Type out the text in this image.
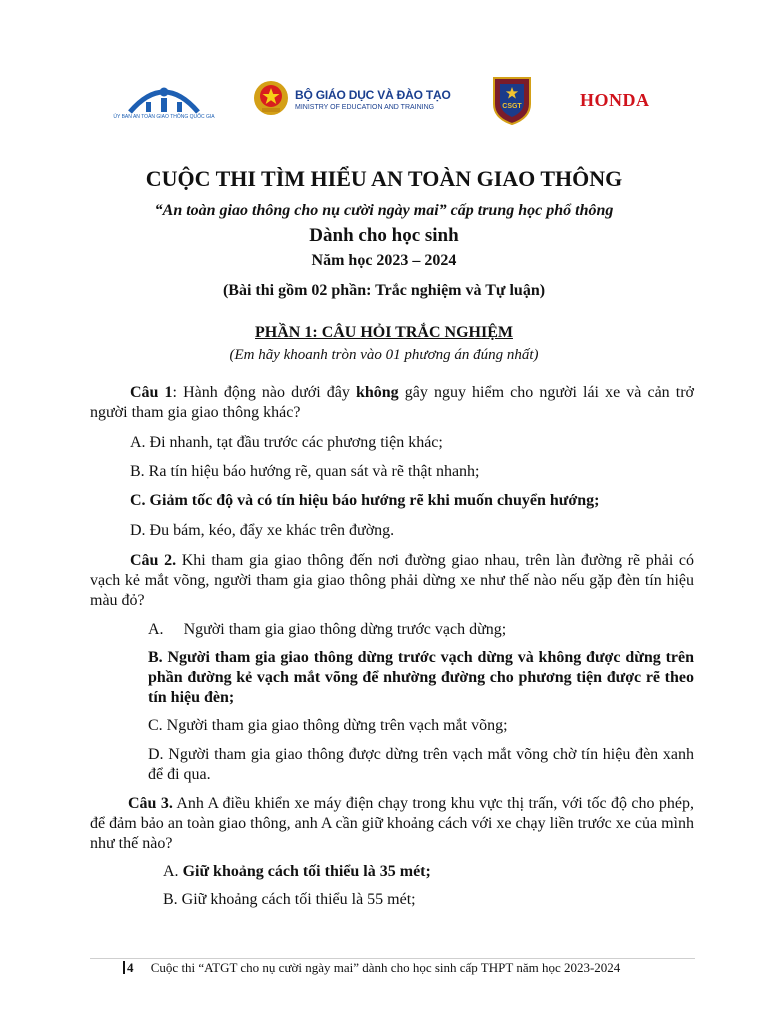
ỦY BAN AN TOÀN GIAO THÔNG QUỐC GIA
BỘ GIÁO DỤC VÀ ĐÀO TẠO
MINISTRY OF EDUCATION AND TRAINING	CSGT	HONDA
CUỘC THI TÌM HIỂU AN TOÀN GIAO THÔNG
“An toàn giao thông cho nụ cười ngày mai” cấp trung học phổ thông
Dành cho học sinh
Năm học 2023 – 2024
(Bài thi gồm 02 phần: Trắc nghiệm và Tự luận)
PHẦN 1: CÂU HỎI TRẮC NGHIỆM
(Em hãy khoanh tròn vào 01 phương án đúng nhất)
Câu 1: Hành động nào dưới đây không gây nguy hiểm cho người lái xe và cản trở người tham gia giao thông khác?
A. Đi nhanh, tạt đầu trước các phương tiện khác;
B. Ra tín hiệu báo hướng rẽ, quan sát và rẽ thật nhanh;
C. Giảm tốc độ và có tín hiệu báo hướng rẽ khi muốn chuyển hướng;
D. Đu bám, kéo, đẩy xe khác trên đường.
Câu 2. Khi tham gia giao thông đến nơi đường giao nhau, trên làn đường rẽ phải có vạch kẻ mắt võng, người tham gia giao thông phải dừng xe như thế nào nếu gặp đèn tín hiệu màu đỏ?
A. Người tham gia giao thông dừng trước vạch dừng;
B. Người tham gia giao thông dừng trước vạch dừng và không được dừng trên phần đường kẻ vạch mắt võng để nhường đường cho phương tiện được rẽ theo tín hiệu đèn;
C. Người tham gia giao thông dừng trên vạch mắt võng;
D. Người tham gia giao thông được dừng trên vạch mắt võng chờ tín hiệu đèn xanh để đi qua.
Câu 3. Anh A điều khiển xe máy điện chạy trong khu vực thị trấn, với tốc độ cho phép, để đảm bảo an toàn giao thông, anh A cần giữ khoảng cách với xe chạy liền trước xe của mình như thế nào?
A. Giữ khoảng cách tối thiểu là 35 mét;
B. Giữ khoảng cách tối thiểu là 55 mét;
4 Cuộc thi “ATGT cho nụ cười ngày mai” dành cho học sinh cấp THPT năm học 2023-2024
